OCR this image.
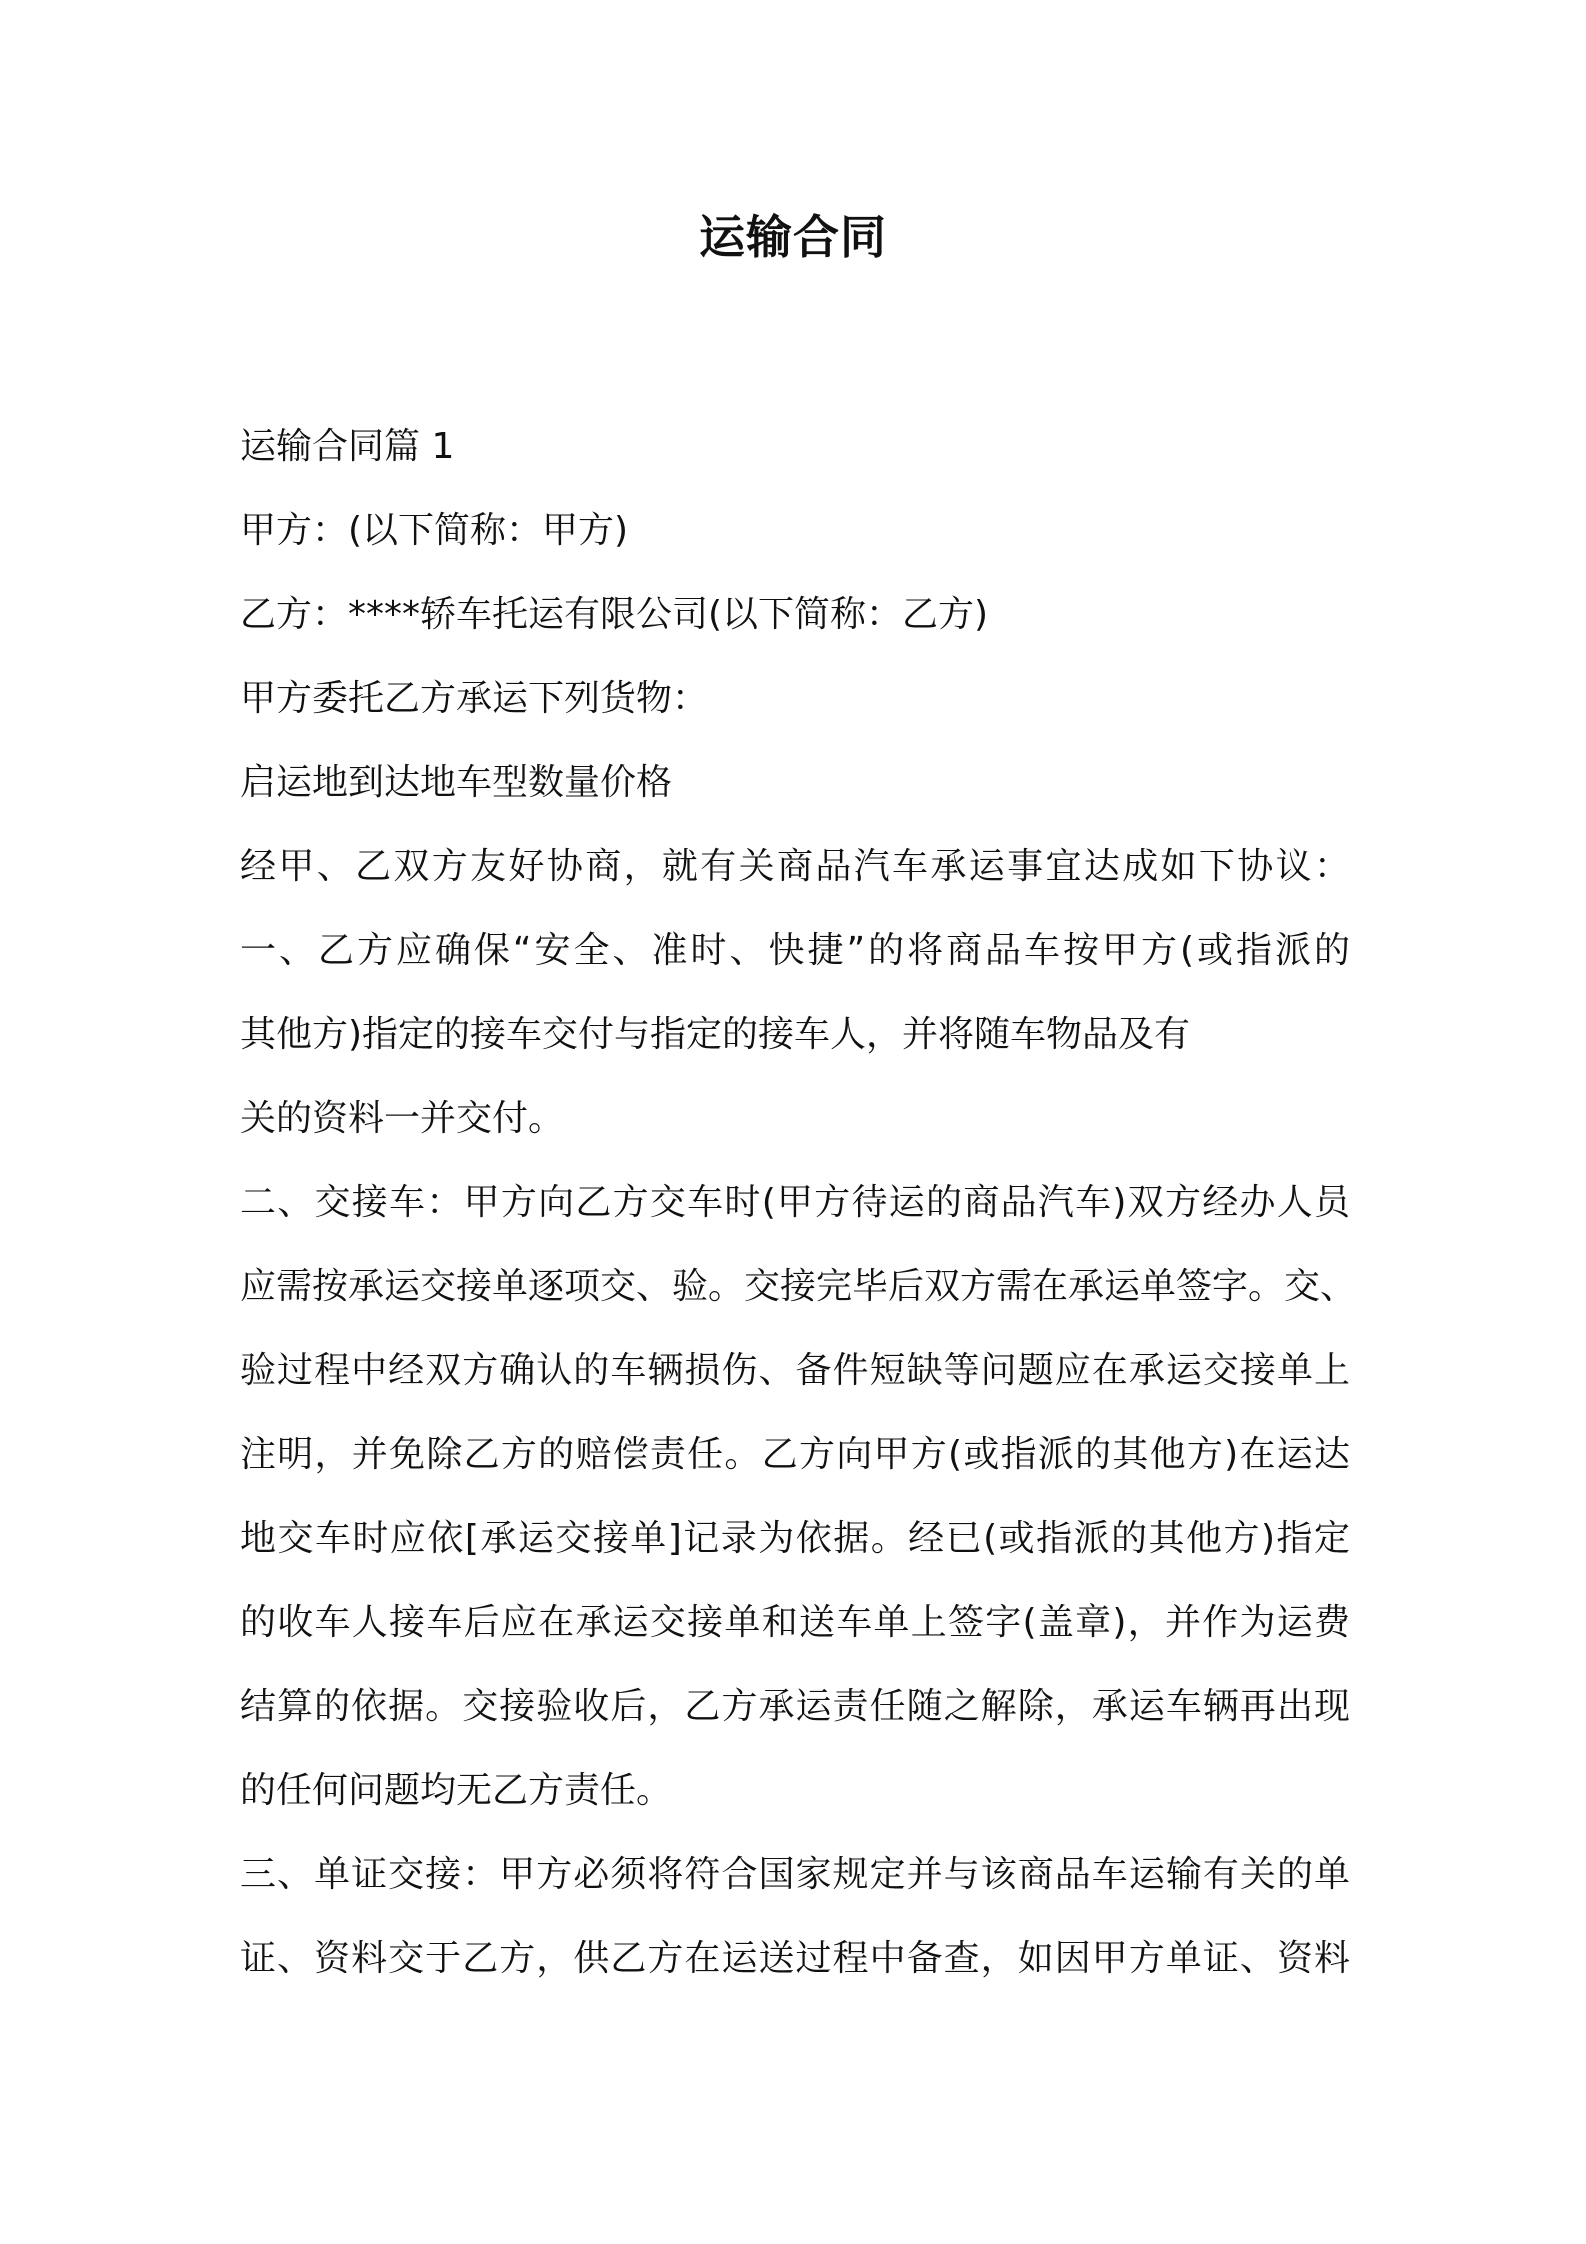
运输合同
运输合同篇 1
甲方：(以下简称：甲方)
乙方：****轿车托运有限公司(以下简称：乙方)
甲方委托乙方承运下列货物：
启运地到达地车型数量价格
经甲、乙双方友好协商，就有关商品汽车承运事宜达成如下协议：
一、乙方应确保“安全、准时、快捷”的将商品车按甲方(或指派的
其他方)指定的接车交付与指定的接车人，并将随车物品及有
关的资料一并交付。
二、交接车：甲方向乙方交车时(甲方待运的商品汽车)双方经办人员
应需按承运交接单逐项交、验。交接完毕后双方需在承运单签字。交、
验过程中经双方确认的车辆损伤、备件短缺等问题应在承运交接单上
注明，并免除乙方的赔偿责任。乙方向甲方(或指派的其他方)在运达
地交车时应依[承运交接单]记录为依据。经已(或指派的其他方)指定
的收车人接车后应在承运交接单和送车单上签字(盖章)，并作为运费
结算的依据。交接验收后，乙方承运责任随之解除，承运车辆再出现
的任何问题均无乙方责任。
三、单证交接：甲方必须将符合国家规定并与该商品车运输有关的单
证、资料交于乙方，供乙方在运送过程中备查，如因甲方单证、资料
